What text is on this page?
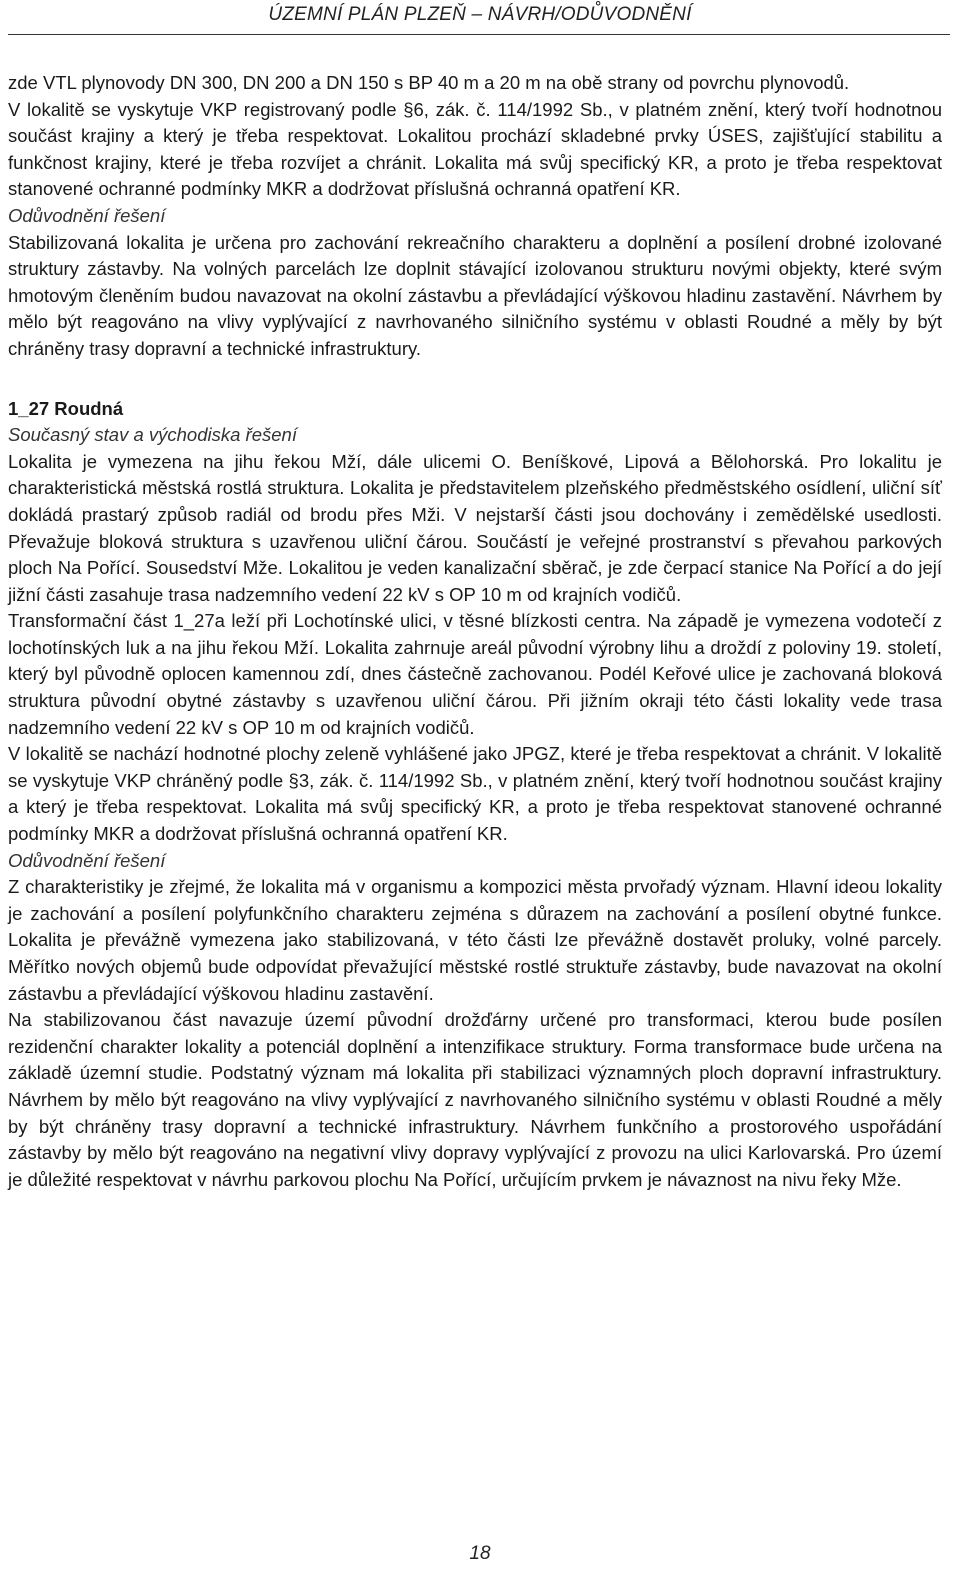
ÚZEMNÍ PLÁN PLZEŇ – NÁVRH/ODŮVODNĚNÍ

zde VTL plynovody DN 300, DN 200 a DN 150 s BP 40 m a 20 m na obě strany od povrchu plynovodů.

V lokalitě se vyskytuje VKP registrovaný podle §6, zák. č. 114/1992 Sb., v platném znění, který tvoří hodnotnou součást krajiny a který je třeba respektovat. Lokalitou prochází skladebné prvky ÚSES, zajišťující stabilitu a funkčnost krajiny, které je třeba rozvíjet a chránit. Lokalita má svůj specifický KR, a proto je třeba respektovat stanovené ochranné podmínky MKR a dodržovat příslušná ochranná opatření KR.

Odůvodnění řešení

Stabilizovaná lokalita je určena pro zachování rekreačního charakteru a doplnění a posílení drobné izolované struktury zástavby. Na volných parcelách lze doplnit stávající izolovanou strukturu novými objekty, které svým hmotovým členěním budou navazovat na okolní zástavbu a převládající výškovou hladinu zastavění. Návrhem by mělo být reagováno na vlivy vyplývající z navrhovaného silničního systému v oblasti Roudné a měly by být chráněny trasy dopravní a technické infrastruktury.

1_27 Roudná

Současný stav a východiska řešení

Lokalita je vymezena na jihu řekou Mží, dále ulicemi O. Beníškové, Lipová a Bělohorská. Pro lokalitu je charakteristická městská rostlá struktura. Lokalita je představitelem plzeňského předměstského osídlení, uliční síť dokládá prastarý způsob radiál od brodu přes Mži. V nejstarší části jsou dochovány i zemědělské usedlosti. Převažuje bloková struktura s uzavřenou uliční čárou. Součástí je veřejné prostranství s převahou parkových ploch Na Pořící. Sousedství Mže. Lokalitou je veden kanalizační sběrač, je zde čerpací stanice Na Pořící a do její jižní části zasahuje trasa nadzemního vedení 22 kV s OP 10 m od krajních vodičů.

Transformační část 1_27a leží při Lochotínské ulici, v těsné blízkosti centra. Na západě je vymezena vodotečí z lochotínských luk a na jihu řekou Mží. Lokalita zahrnuje areál původní výrobny lihu a droždí z poloviny 19. století, který byl původně oplocen kamennou zdí, dnes částečně zachovanou. Podél Keřové ulice je zachovaná bloková struktura původní obytné zástavby s uzavřenou uliční čárou. Při jižním okraji této části lokality vede trasa nadzemního vedení 22 kV s OP 10 m od krajních vodičů.

V lokalitě se nachází hodnotné plochy zeleně vyhlášené jako JPGZ, které je třeba respektovat a chránit. V lokalitě se vyskytuje VKP chráněný podle §3, zák. č. 114/1992 Sb., v platném znění, který tvoří hodnotnou součást krajiny a který je třeba respektovat. Lokalita má svůj specifický KR, a proto je třeba respektovat stanovené ochranné podmínky MKR a dodržovat příslušná ochranná opatření KR.

Odůvodnění řešení

Z charakteristiky je zřejmé, že lokalita má v organismu a kompozici města prvořadý význam. Hlavní ideou lokality je zachování a posílení polyfunkčního charakteru zejména s důrazem na zachování a posílení obytné funkce. Lokalita je převážně vymezena jako stabilizovaná, v této části lze převážně dostavět proluky, volné parcely. Měřítko nových objemů bude odpovídat převažující městské rostlé struktuře zástavby, bude navazovat na okolní zástavbu a převládající výškovou hladinu zastavění.

Na stabilizovanou část navazuje území původní drožďárny určené pro transformaci, kterou bude posílen rezidenční charakter lokality a potenciál doplnění a intenzifikace struktury. Forma transformace bude určena na základě územní studie. Podstatný význam má lokalita při stabilizaci významných ploch dopravní infrastruktury. Návrhem by mělo být reagováno na vlivy vyplývající z navrhovaného silničního systému v oblasti Roudné a měly by být chráněny trasy dopravní a technické infrastruktury. Návrhem funkčního a prostorového uspořádání zástavby by mělo být reagováno na negativní vlivy dopravy vyplývající z provozu na ulici Karlovarská. Pro území je důležité respektovat v návrhu parkovou plochu Na Pořící, určujícím prvkem je návaznost na nivu řeky Mže.

18
